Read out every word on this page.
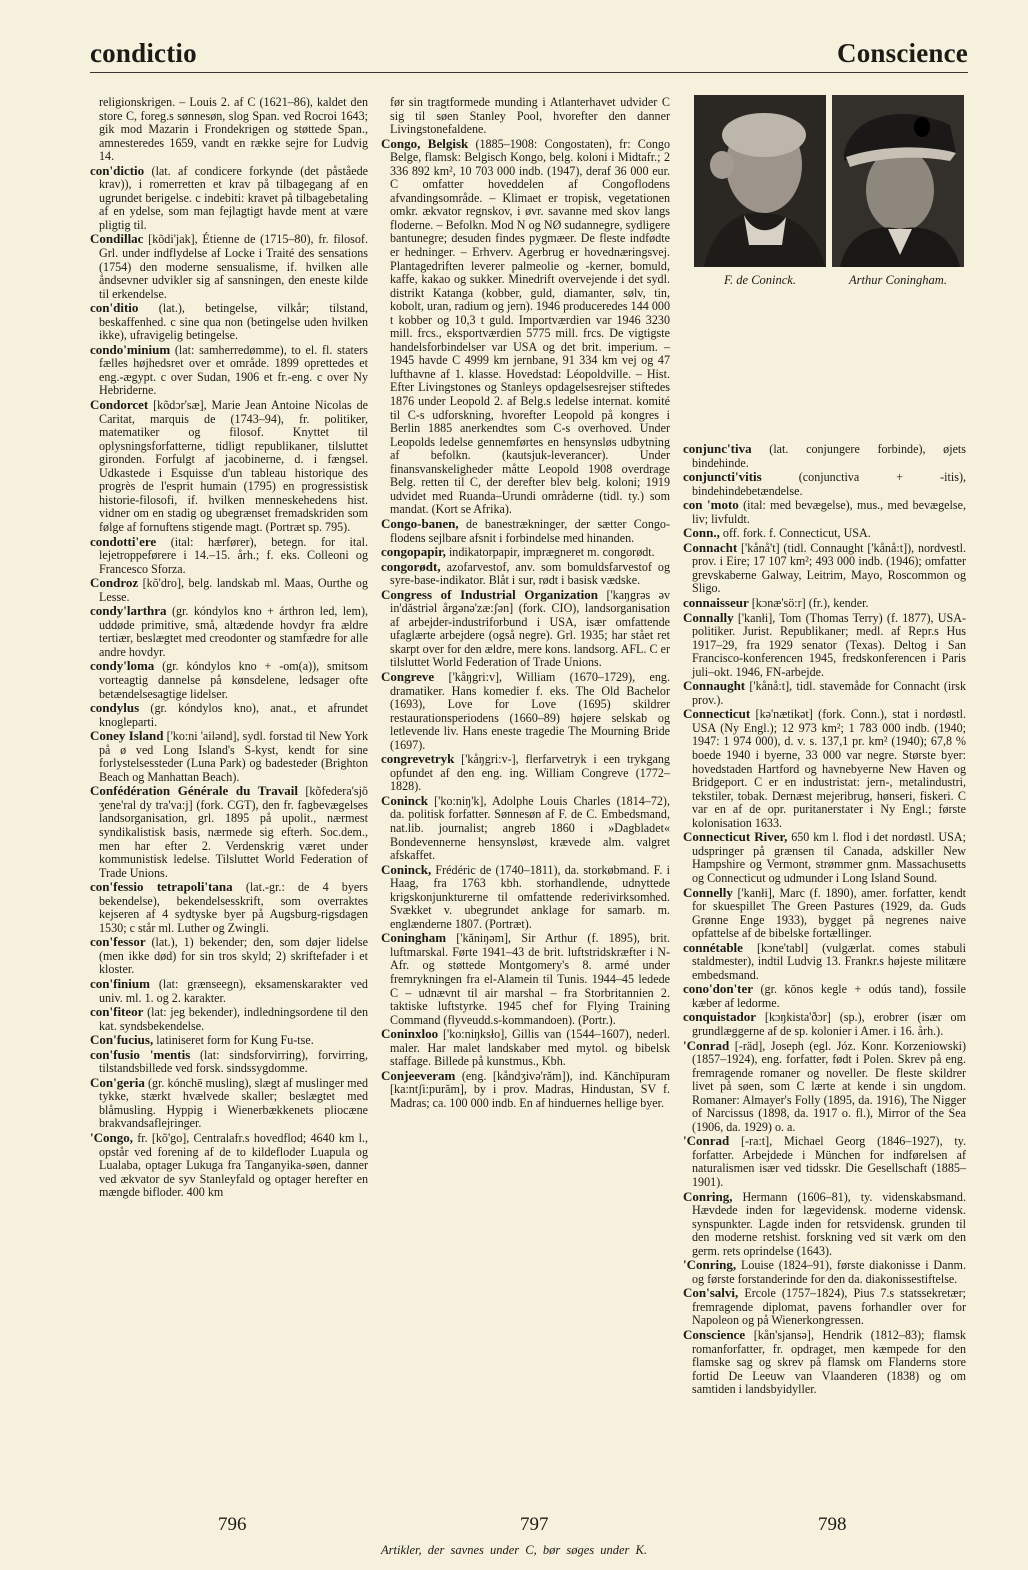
condictio	Conscience

religionskrigen. – Louis 2. af C (1621–86), kaldet den store C, foreg.s sønnesøn, slog Span. ved Rocroi 1643; gik mod Mazarin i Frondekrigen og støttede Span., amnesteredes 1659, vandt en række sejre for Ludvig 14.

con'dictio (lat. af condicere forkynde (det påståede krav)), i romerretten et krav på tilbagegang af en ugrundet berigelse. c indebiti: kravet på tilbagebetaling af en ydelse, som man fejlagtigt havde ment at være pligtig til.

Condillac [kõdi'jak], Étienne de (1715–80), fr. filosof. Grl. under indflydelse af Locke i Traité des sensations (1754) den moderne sensualisme, if. hvilken alle åndsevner udvikler sig af sansningen, den eneste kilde til erkendelse.

con'ditio (lat.), betingelse, vilkår; tilstand, beskaffenhed. c sine qua non (betingelse uden hvilken ikke), ufravigelig betingelse.

condo'minium (lat: samherredømme), to el. fl. staters fælles højhedsret over et område. 1899 oprettedes et eng.-ægypt. c over Sudan, 1906 et fr.-eng. c over Ny Hebriderne.

Condorcet [kõdɔr'sæ], Marie Jean Antoine Nicolas de Caritat, marquis de (1743–94), fr. politiker, matematiker og filosof. Knyttet til oplysningsforfatterne, tidligt republikaner, tilsluttet gironden. Forfulgt af jacobinerne, d. i fængsel. Udkastede i Esquisse d'un tableau historique des progrès de l'esprit humain (1795) en progressistisk historie-filosofi, if. hvilken menneskehedens hist. vidner om en stadig og ubegrænset fremadskriden som følge af fornuftens stigende magt. (Portræt sp. 795).

condotti'ere (ital: hærfører), betegn. for ital. lejetroppeførere i 14.–15. årh.; f. eks. Colleoni og Francesco Sforza.

Condroz [kõ'dro], belg. landskab ml. Maas, Ourthe og Lesse.

condy'larthra (gr. kóndylos kno + árthron led, lem), uddøde primitive, små, altædende hovdyr fra ældre tertiær, beslægtet med creodonter og stamfædre for alle andre hovdyr.

condy'loma (gr. kóndylos kno + -om(a)), smitsom vorteagtig dannelse på kønsdelene, ledsager ofte betændelsesagtige lidelser.

condylus (gr. kóndylos kno), anat., et afrundet knogleparti.

Coney Island ['ko:ni 'ailənd], sydl. forstad til New York på ø ved Long Island's S-kyst, kendt for sine forlystelsessteder (Luna Park) og badesteder (Brighton Beach og Manhattan Beach).

Confédération Générale du Travail [kõfedera'sjõ ʒene'ral dy tra'va:j] (fork. CGT), den fr. fagbevægelses landsorganisation, grl. 1895 på upolit., nærmest syndikalistisk basis, nærmede sig efterh. Soc.dem., men har efter 2. Verdenskrig været under kommunistisk ledelse. Tilsluttet World Federation of Trade Unions.

con'fessio tetrapoli'tana (lat.-gr.: de 4 byers bekendelse), bekendelsesskrift, som overraktes kejseren af 4 sydtyske byer på Augsburg-rigsdagen 1530; c står ml. Luther og Zwingli.

con'fessor (lat.), 1) bekender; den, som døjer lidelse (men ikke død) for sin tros skyld; 2) skriftefader i et kloster.

con'finium (lat: grænseegn), eksamenskarakter ved univ. ml. 1. og 2. karakter.

con'fiteor (lat: jeg bekender), indledningsordene til den kat. syndsbekendelse.

Con'fucius, latiniseret form for Kung Fu-tse.

con'fusio 'mentis (lat: sindsforvirring), forvirring, tilstandsbillede ved forsk. sindssygdomme.

Con'geria (gr. kónchē musling), slægt af muslinger med tykke, stærkt hvælvede skaller; beslægtet med blåmusling. Hyppig i Wienerbækkenets pliocæne brakvandsaflejringer.

'Congo, fr. [kõ'go], Centralafr.s hovedflod; 4640 km l., opstår ved forening af de to kildefloder Luapula og Lualaba, optager Lukuga fra Tanganyika-søen, danner ved ækvator de syv Stanleyfald og optager herefter en mængde bifloder. 400 km

før sin tragtformede munding i Atlanterhavet udvider C sig til søen Stanley Pool, hvorefter den danner Livingstonefaldene.

Congo, Belgisk (1885–1908: Congostaten), fr: Congo Belge, flamsk: Belgisch Kongo, belg. koloni i Midtafr.; 2 336 892 km², 10 703 000 indb. (1947), deraf 36 000 eur. C omfatter hoveddelen af Congoflodens afvandingsområde. – Klimaet er tropisk, vegetationen omkr. ækvator regnskov, i øvr. savanne med skov langs floderne. – Befolkn. Mod N og NØ sudannegre, sydligere bantunegre; desuden findes pygmæer. De fleste indfødte er hedninger. – Erhverv. Agerbrug er hovednæringsvej. Plantagedriften leverer palmeolie og -kerner, bomuld, kaffe, kakao og sukker. Minedrift overvejende i det sydl. distrikt Katanga (kobber, guld, diamanter, sølv, tin, kobolt, uran, radium og jern). 1946 produceredes 144 000 t kobber og 10,3 t guld. Importværdien var 1946 3230 mill. frcs., eksportværdien 5775 mill. frcs. De vigtigste handelsforbindelser var USA og det brit. imperium. – 1945 havde C 4999 km jernbane, 91 334 km vej og 47 lufthavne af 1. klasse. Hovedstad: Léopoldville. – Hist. Efter Livingstones og Stanleys opdagelsesrejser stiftedes 1876 under Leopold 2. af Belg.s ledelse internat. komité til C-s udforskning, hvorefter Leopold på kongres i Berlin 1885 anerkendtes som C-s overhoved. Under Leopolds ledelse gennemførtes en hensynsløs udbytning af befolkn. (kautsjuk-leverancer). Under finansvanskeligheder måtte Leopold 1908 overdrage Belg. retten til C, der derefter blev belg. koloni; 1919 udvidet med Ruanda–Urundi områderne (tidl. ty.) som mandat. (Kort se Afrika).

Congo-banen, de banestrækninger, der sætter Congo-flodens sejlbare afsnit i forbindelse med hinanden.

congopapir, indikatorpapir, imprægneret m. congorødt.

congorødt, azofarvestof, anv. som bomuldsfarvestof og syre-base-indikator. Blåt i sur, rødt i basisk vædske.

Congress of Industrial Organization ['kaŋgrəs əv in'dăstriəl årgənə'zæ:ʃən] (fork. CIO), landsorganisation af arbejder-industriforbund i USA, især omfattende ufaglærte arbejdere (også negre). Grl. 1935; har stået ret skarpt over for den ældre, mere kons. landsorg. AFL. C er tilsluttet World Federation of Trade Unions.

Congreve ['kåŋgri:v], William (1670–1729), eng. dramatiker. Hans komedier f. eks. The Old Bachelor (1693), Love for Love (1695) skildrer restaurationsperiodens (1660–89) højere selskab og letlevende liv. Hans eneste tragedie The Mourning Bride (1697).

congrevetryk ['kåŋgri:v-], flerfarvetryk i een trykgang opfundet af den eng. ing. William Congreve (1772–1828).

Coninck ['ko:niŋ'k], Adolphe Louis Charles (1814–72), da. politisk forfatter. Sønnesøn af F. de C. Embedsmand, nat.lib. journalist; angreb 1860 i »Dagbladet« Bondevennerne hensynsløst, krævede alm. valgret afskaffet.

Coninck, Frédéric de (1740–1811), da. storkøbmand. F. i Haag, fra 1763 kbh. storhandlende, udnyttede krigskonjunkturerne til omfattende rederivirksomhed. Svækket v. ubegrundet anklage for samarb. m. englænderne 1807. (Portræt).

Coningham ['kăniŋəm], Sir Arthur (f. 1895), brit. luftmarskal. Førte 1941–43 de brit. luftstridskræfter i N-Afr. og støttede Montgomery's 8. armé under fremrykningen fra el-Alamein til Tunis. 1944–45 ledede C – udnævnt til air marshal – fra Storbritannien 2. taktiske luftstyrke. 1945 chef for Flying Training Command (flyveudd.s-kommandoen). (Portr.).

Coninxloo ['ko:niŋksło], Gillis van (1544–1607), nederl. maler. Har malet landskaber med mytol. og bibelsk staffage. Billede på kunstmus., Kbh.

Conjeeveram (eng. [kåndʒivə'răm]), ind. Kānchīpuram [ka:ntʃi:purăm], by i prov. Madras, Hindustan, SV f. Madras; ca. 100 000 indb. En af hinduernes hellige byer.

F. de Coninck.	Arthur Coningham.

conjunc'tiva (lat. conjungere forbinde), øjets bindehinde.

conjuncti'vitis	(conjunctiva + -itis), bindehindebetændelse.

con 'moto (ital: med bevægelse), mus., med bevægelse, liv; livfuldt.

Conn., off. fork. f. Connecticut, USA.

Connacht ['kånå't] (tidl. Connaught ['kånå:t]), nordvestl. prov. i Eire; 17 107 km²; 493 000 indb. (1946); omfatter grevskaberne Galway, Leitrim, Mayo, Roscommon og Sligo.

connaisseur [kɔnæ'sö:r] (fr.), kender.

Connally ['kanłi], Tom (Thomas Terry) (f. 1877), USA-politiker. Jurist. Republikaner; medl. af Repr.s Hus 1917–29, fra 1929 senator (Texas). Deltog i San Francisco-konferencen 1945, fredskonferencen i Paris juli–okt. 1946, FN-arbejde.

Connaught ['kånå:t], tidl. stavemåde for Connacht (irsk prov.).

Connecticut [kə'nætikət] (fork. Conn.), stat i nordøstl. USA (Ny Engl.); 12 973 km²; 1 783 000 indb. (1940; 1947: 1 974 000), d. v. s. 137,1 pr. km² (1940); 67,8 % boede 1940 i byerne, 33 000 var negre. Største byer: hovedstaden Hartford og havnebyerne New Haven og Bridgeport. C er en industristat: jern-, metalindustri, tekstiler, tobak. Dernæst mejeribrug, hønseri, fiskeri. C var en af de opr. puritanerstater i Ny Engl.; første kolonisation 1633.

Connecticut River, 650 km l. flod i det nordøstl. USA; udspringer på grænsen til Canada, adskiller New Hampshire og Vermont, strømmer gnm. Massachusetts og Connecticut og udmunder i Long Island Sound.

Connelly ['kanłi], Marc (f. 1890), amer. forfatter, kendt for skuespillet The Green Pastures (1929, da. Guds Grønne Enge 1933), bygget på negrenes naive opfattelse af de bibelske fortællinger.

connétable [kɔne'tabl] (vulgærlat. comes stabuli staldmester), indtil Ludvig 13. Frankr.s højeste militære embedsmand.

cono'don'ter (gr. kōnos kegle + odús tand), fossile kæber af ledorme.

conquistador [kɔŋkista'ðɔr] (sp.), erobrer (især om grundlæggerne af de sp. kolonier i Amer. i 16. årh.).

'Conrad [-räd], Joseph (egl. Józ. Konr. Korzeniowski) (1857–1924), eng. forfatter, født i Polen. Skrev på eng. fremragende romaner og noveller. De fleste skildrer livet på søen, som C lærte at kende i sin ungdom. Romaner: Almayer's Folly (1895, da. 1916), The Nigger of Narcissus (1898, da. 1917 o. fl.), Mirror of the Sea (1906, da. 1929) o. a.

'Conrad [-ra:t], Michael Georg (1846–1927), ty. forfatter. Arbejdede i München for indførelsen af naturalismen især ved tidsskr. Die Gesellschaft (1885–1901).

Conring, Hermann (1606–81), ty. videnskabsmand. Hævdede inden for lægevidensk. moderne vidensk. synspunkter. Lagde inden for retsvidensk. grunden til den moderne retshist. forskning ved sit værk om den germ. rets oprindelse (1643).

'Conring, Louise (1824–91), første diakonisse i Danm. og første forstanderinde for den da. diakonissestiftelse.

Con'salvi, Ercole (1757–1824), Pius 7.s statssekretær; fremragende diplomat, pavens forhandler over for Napoleon og på Wienerkongressen.

Conscience [kån'sjansə], Hendrik (1812–83); flamsk romanforfatter, fr. opdraget, men kæmpede for den flamske sag og skrev på flamsk om Flanderns store fortid De Leeuw van Vlaanderen (1838) og om samtiden i landsbyidyller.

796	797	798
Artikler, der savnes under C, bør søges under K.
